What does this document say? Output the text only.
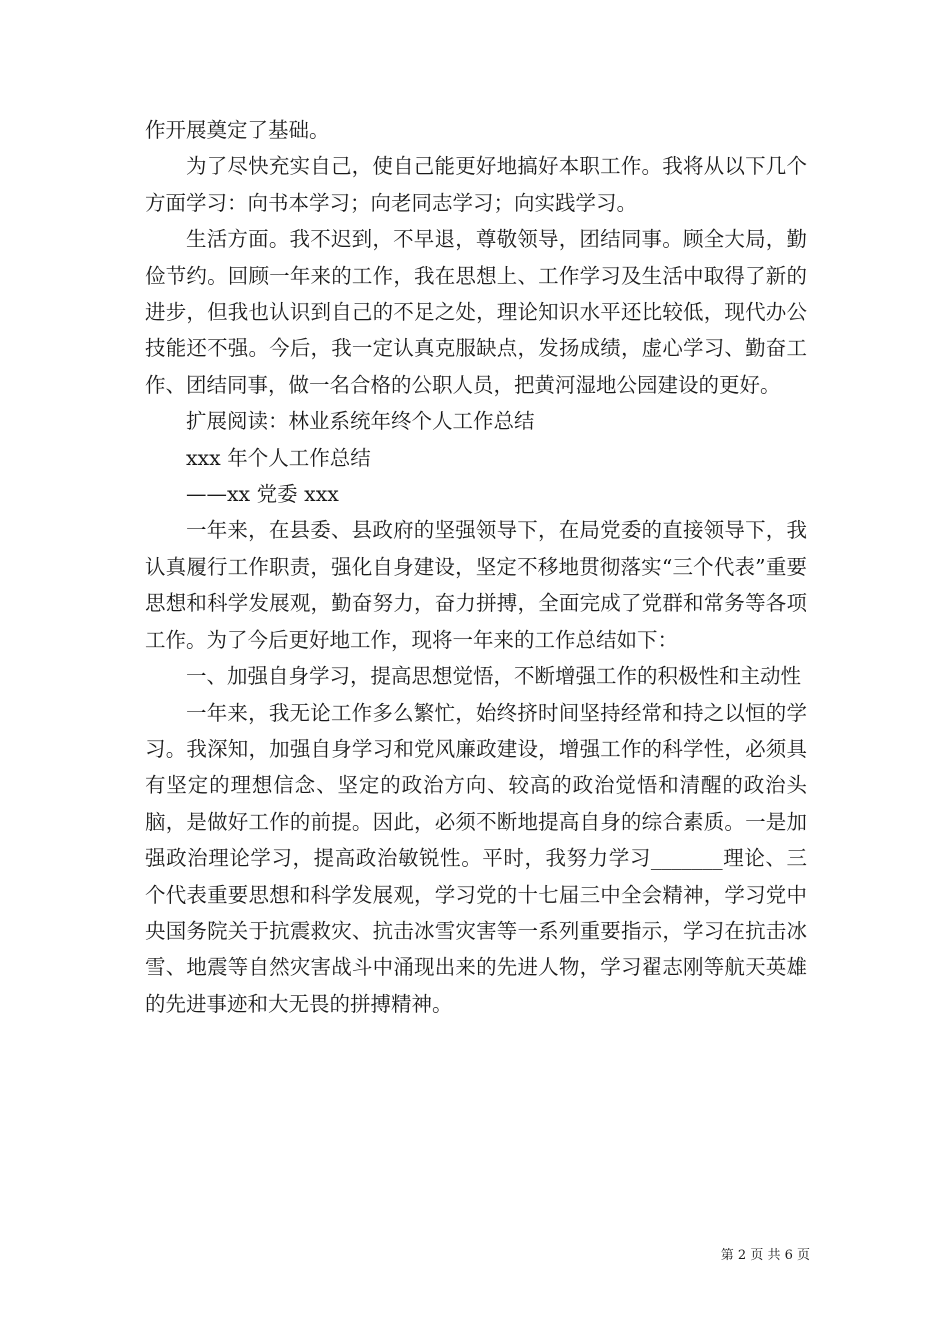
作开展奠定了基础。

为了尽快充实自己，使自己能更好地搞好本职工作。我将从以下几个方面学习：向书本学习；向老同志学习；向实践学习。

生活方面。我不迟到，不早退，尊敬领导，团结同事。顾全大局，勤俭节约。回顾一年来的工作，我在思想上、工作学习及生活中取得了新的进步，但我也认识到自己的不足之处，理论知识水平还比较低，现代办公技能还不强。今后，我一定认真克服缺点，发扬成绩，虚心学习、勤奋工作、团结同事，做一名合格的公职人员，把黄河湿地公园建设的更好。

扩展阅读：林业系统年终个人工作总结

xxx 年个人工作总结

——xx 党委 xxx

一年来，在县委、县政府的坚强领导下，在局党委的直接领导下，我认真履行工作职责，强化自身建设，坚定不移地贯彻落实“三个代表”重要思想和科学发展观，勤奋努力，奋力拼搏，全面完成了党群和常务等各项工作。为了今后更好地工作，现将一年来的工作总结如下：

一、加强自身学习，提高思想觉悟，不断增强工作的积极性和主动性

一年来，我无论工作多么繁忙，始终挤时间坚持经常和持之以恒的学习。我深知，加强自身学习和党风廉政建设，增强工作的科学性，必须具有坚定的理想信念、坚定的政治方向、较高的政治觉悟和清醒的政治头脑，是做好工作的前提。因此，必须不断地提高自身的综合素质。一是加强政治理论学习，提高政治敏锐性。平时，我努力学习_______理论、三个代表重要思想和科学发展观，学习党的十七届三中全会精神，学习党中央国务院关于抗震救灾、抗击冰雪灾害等一系列重要指示，学习在抗击冰雪、地震等自然灾害战斗中涌现出来的先进人物，学习翟志刚等航天英雄的先进事迹和大无畏的拼搏精神。

第 2 页 共 6 页
